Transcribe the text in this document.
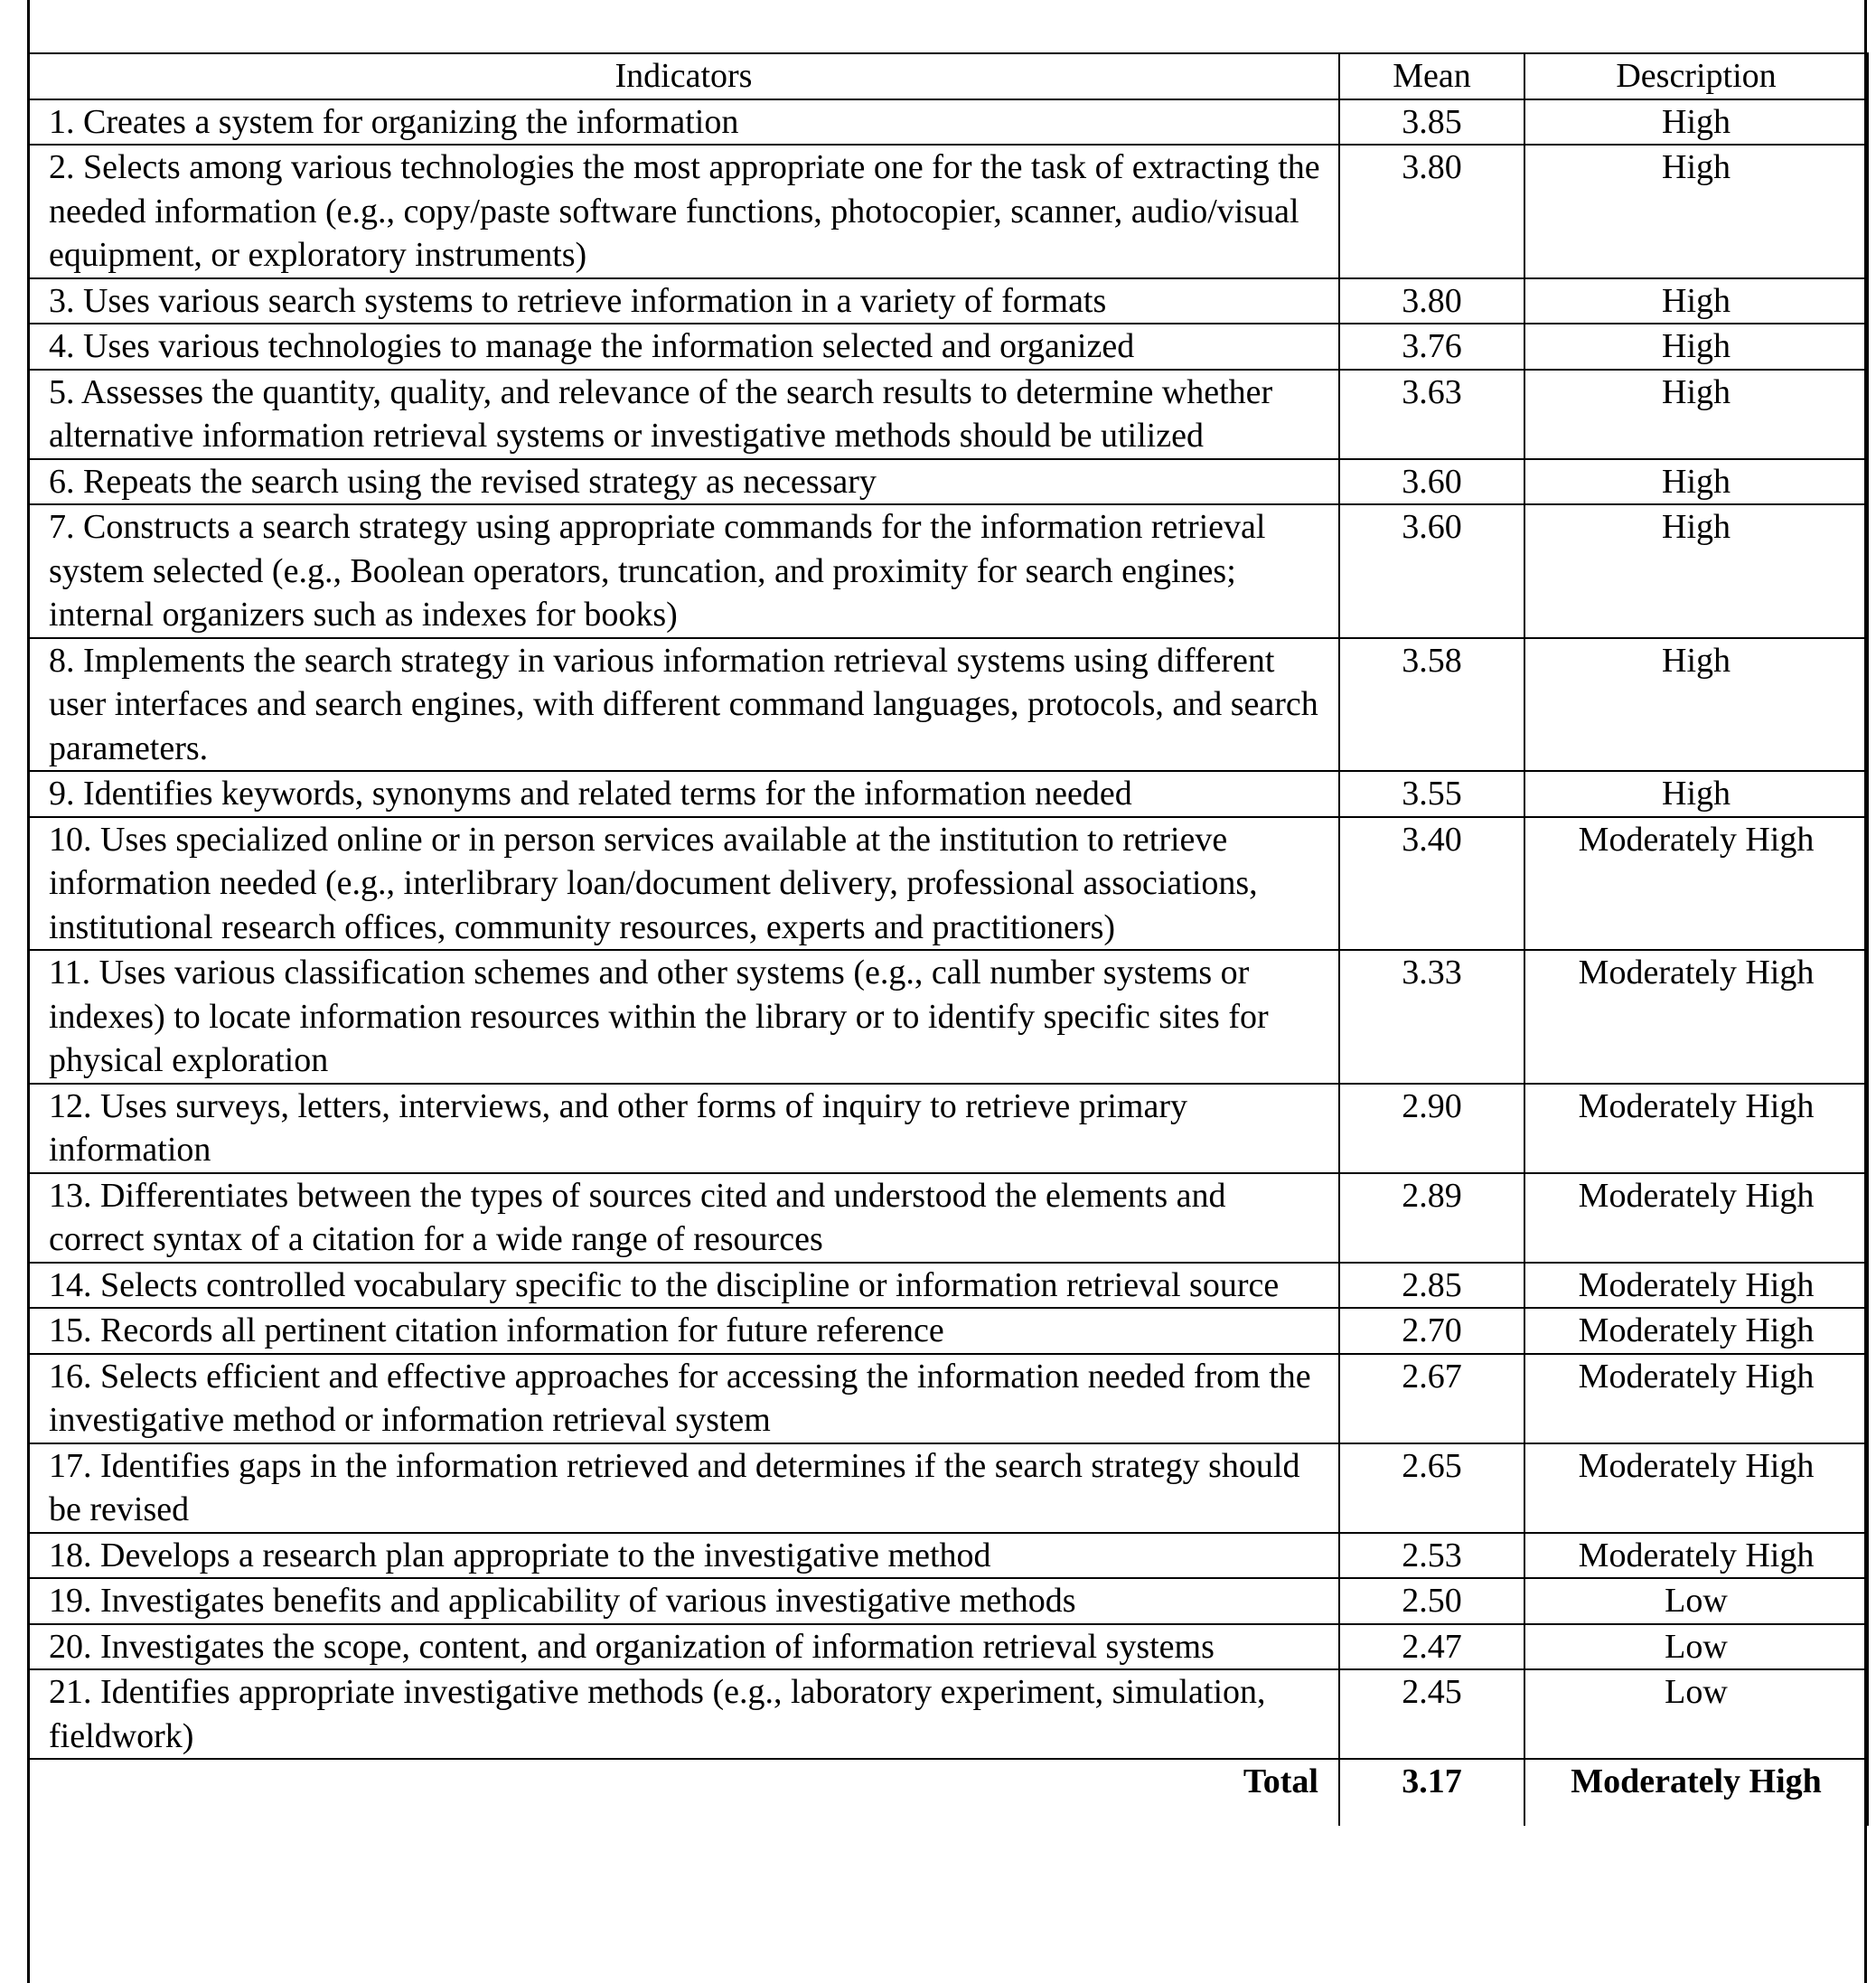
Indicators	Mean	Description
1. Creates a system for organizing the information	3.85	High
2. Selects among various technologies the most appropriate one for the task of extracting the needed information (e.g., copy/paste software functions, photocopier, scanner, audio/visual equipment, or exploratory instruments)	3.80	High
3. Uses various search systems to retrieve information in a variety of formats	3.80	High
4. Uses various technologies to manage the information selected and organized	3.76	High
5. Assesses the quantity, quality, and relevance of the search results to determine whether alternative information retrieval systems or investigative methods should be utilized	3.63	High
6. Repeats the search using the revised strategy as necessary	3.60	High
7. Constructs a search strategy using appropriate commands for the information retrieval system selected (e.g., Boolean operators, truncation, and proximity for search engines; internal organizers such as indexes for books)	3.60	High
8. Implements the search strategy in various information retrieval systems using different user interfaces and search engines, with different command languages, protocols, and search parameters.	3.58	High
9. Identifies keywords, synonyms and related terms for the information needed	3.55	High
10. Uses specialized online or in person services available at the institution to retrieve information needed (e.g., interlibrary loan/document delivery, professional associations, institutional research offices, community resources, experts and practitioners)	3.40	Moderately High
11. Uses various classification schemes and other systems (e.g., call number systems or indexes) to locate information resources within the library or to identify specific sites for physical exploration	3.33	Moderately High
12. Uses surveys, letters, interviews, and other forms of inquiry to retrieve primary information	2.90	Moderately High
13. Differentiates between the types of sources cited and understood the elements and correct syntax of a citation for a wide range of resources	2.89	Moderately High
14. Selects controlled vocabulary specific to the discipline or information retrieval source	2.85	Moderately High
15. Records all pertinent citation information for future reference	2.70	Moderately High
16. Selects efficient and effective approaches for accessing the information needed from the investigative method or information retrieval system	2.67	Moderately High
17. Identifies gaps in the information retrieved and determines if the search strategy should be revised	2.65	Moderately High
18. Develops a research plan appropriate to the investigative method	2.53	Moderately High
19. Investigates benefits and applicability of various investigative methods	2.50	Low
20. Investigates the scope, content, and organization of information retrieval systems	2.47	Low
21. Identifies appropriate investigative methods (e.g., laboratory experiment, simulation, fieldwork)	2.45	Low
Total	3.17	Moderately High
